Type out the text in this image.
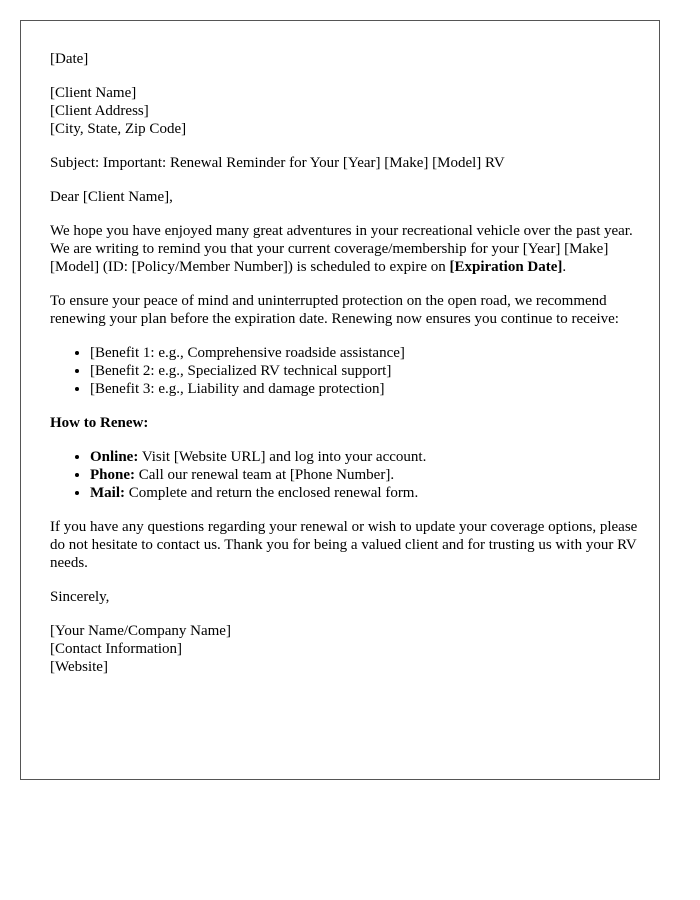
[Date]

[Client Name]
[Client Address]
[City, State, Zip Code]

Subject: Important: Renewal Reminder for Your [Year] [Make] [Model] RV

Dear [Client Name],

We hope you have enjoyed many great adventures in your recreational vehicle over the past year. We are writing to remind you that your current coverage/membership for your [Year] [Make] [Model] (ID: [Policy/Member Number]) is scheduled to expire on [Expiration Date].

To ensure your peace of mind and uninterrupted protection on the open road, we recommend renewing your plan before the expiration date. Renewing now ensures you continue to receive:

• [Benefit 1: e.g., Comprehensive roadside assistance]
• [Benefit 2: e.g., Specialized RV technical support]
• [Benefit 3: e.g., Liability and damage protection]

How to Renew:

• Online: Visit [Website URL] and log into your account.
• Phone: Call our renewal team at [Phone Number].
• Mail: Complete and return the enclosed renewal form.

If you have any questions regarding your renewal or wish to update your coverage options, please do not hesitate to contact us. Thank you for being a valued client and for trusting us with your RV needs.

Sincerely,

[Your Name/Company Name]
[Contact Information]
[Website]
